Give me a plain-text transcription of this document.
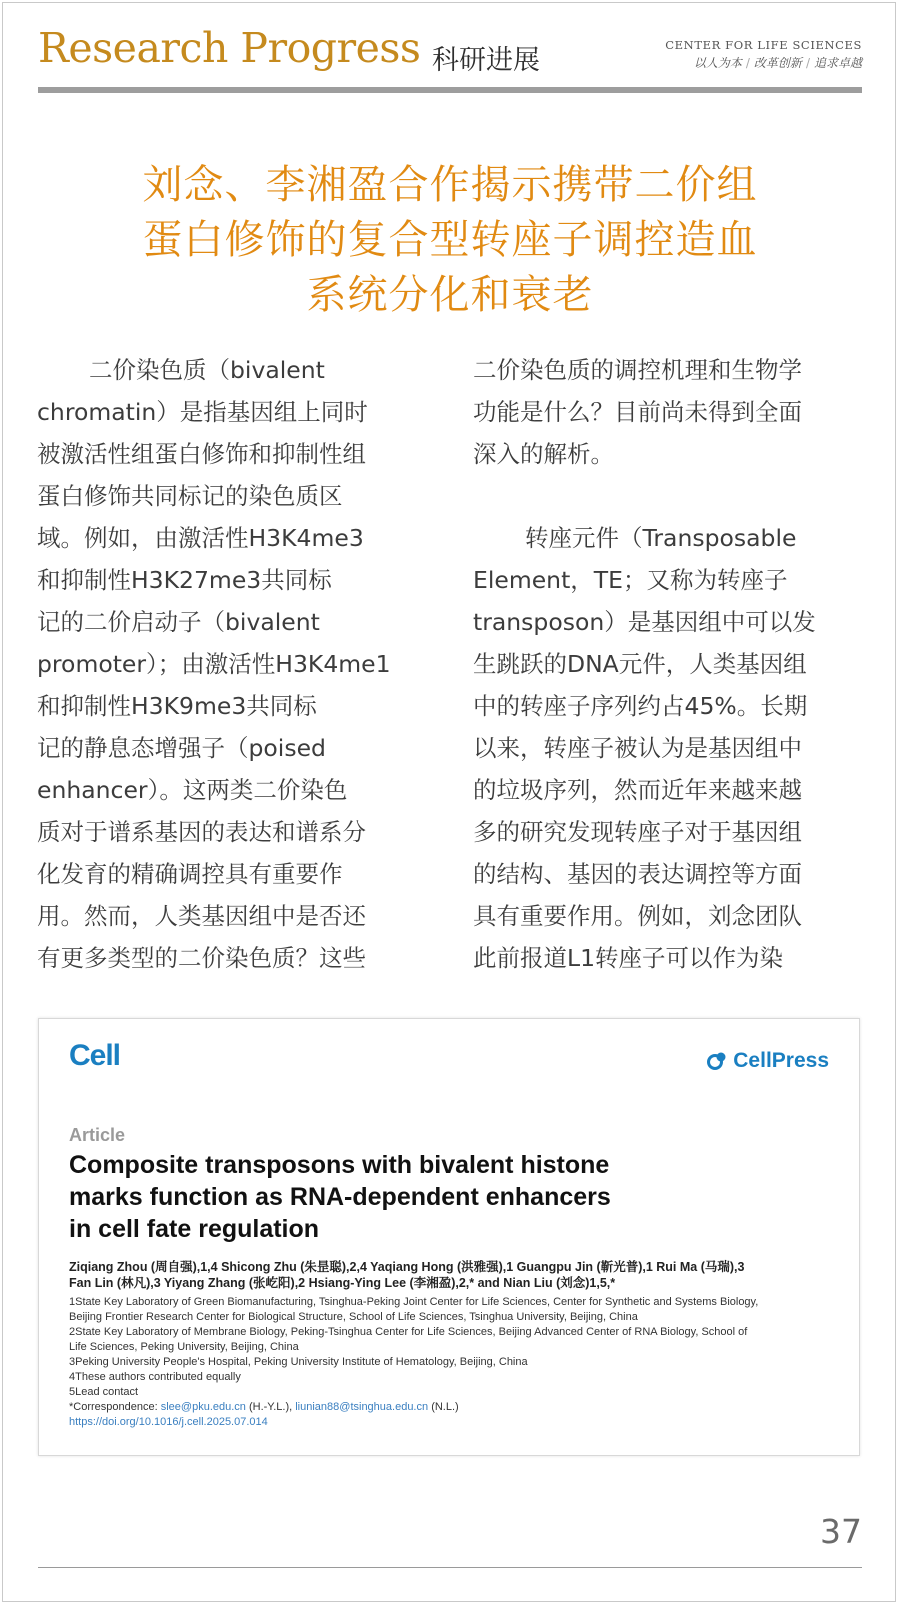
Research Progress 科研进展	CENTER FOR LIFE SCIENCES
以人为本 / 改革创新 / 追求卓越
刘念、李湘盈合作揭示携带二价组
蛋白修饰的复合型转座子调控造血
系统分化和衰老
二价染色质（bivalent
chromatin）是指基因组上同时
被激活性组蛋白修饰和抑制性组
蛋白修饰共同标记的染色质区
域。例如，由激活性H3K4me3
和抑制性H3K27me3共同标
记的二价启动子（bivalent
promoter）；由激活性H3K4me1
和抑制性H3K9me3共同标
记的静息态增强子（poised
enhancer）。这两类二价染色
质对于谱系基因的表达和谱系分
化发育的精确调控具有重要作
用。然而，人类基因组中是否还
有更多类型的二价染色质？这些
二价染色质的调控机理和生物学
功能是什么？目前尚未得到全面
深入的解析。
转座元件（Transposable
Element，TE；又称为转座子
transposon）是基因组中可以发
生跳跃的DNA元件，人类基因组
中的转座子序列约占45%。长期
以来，转座子被认为是基因组中
的垃圾序列，然而近年来越来越
多的研究发现转座子对于基因组
的结构、基因的表达调控等方面
具有重要作用。例如，刘念团队
此前报道L1转座子可以作为染
Cell	CellPress
Article
Composite transposons with bivalent histone
marks function as RNA-dependent enhancers
in cell fate regulation
Ziqiang Zhou (周自强),1,4 Shicong Zhu (朱昰聪),2,4 Yaqiang Hong (洪雅强),1 Guangpu Jin (靳光普),1 Rui Ma (马瑞),3
Fan Lin (林凡),3 Yiyang Zhang (张屹阳),2 Hsiang-Ying Lee (李湘盈),2,* and Nian Liu (刘念)1,5,*
1State Key Laboratory of Green Biomanufacturing, Tsinghua-Peking Joint Center for Life Sciences, Center for Synthetic and Systems Biology,
Beijing Frontier Research Center for Biological Structure, School of Life Sciences, Tsinghua University, Beijing, China
2State Key Laboratory of Membrane Biology, Peking-Tsinghua Center for Life Sciences, Beijing Advanced Center of RNA Biology, School of
Life Sciences, Peking University, Beijing, China
3Peking University People's Hospital, Peking University Institute of Hematology, Beijing, China
4These authors contributed equally
5Lead contact
*Correspondence: slee@pku.edu.cn (H.-Y.L.), liunian88@tsinghua.edu.cn (N.L.)
https://doi.org/10.1016/j.cell.2025.07.014
37
